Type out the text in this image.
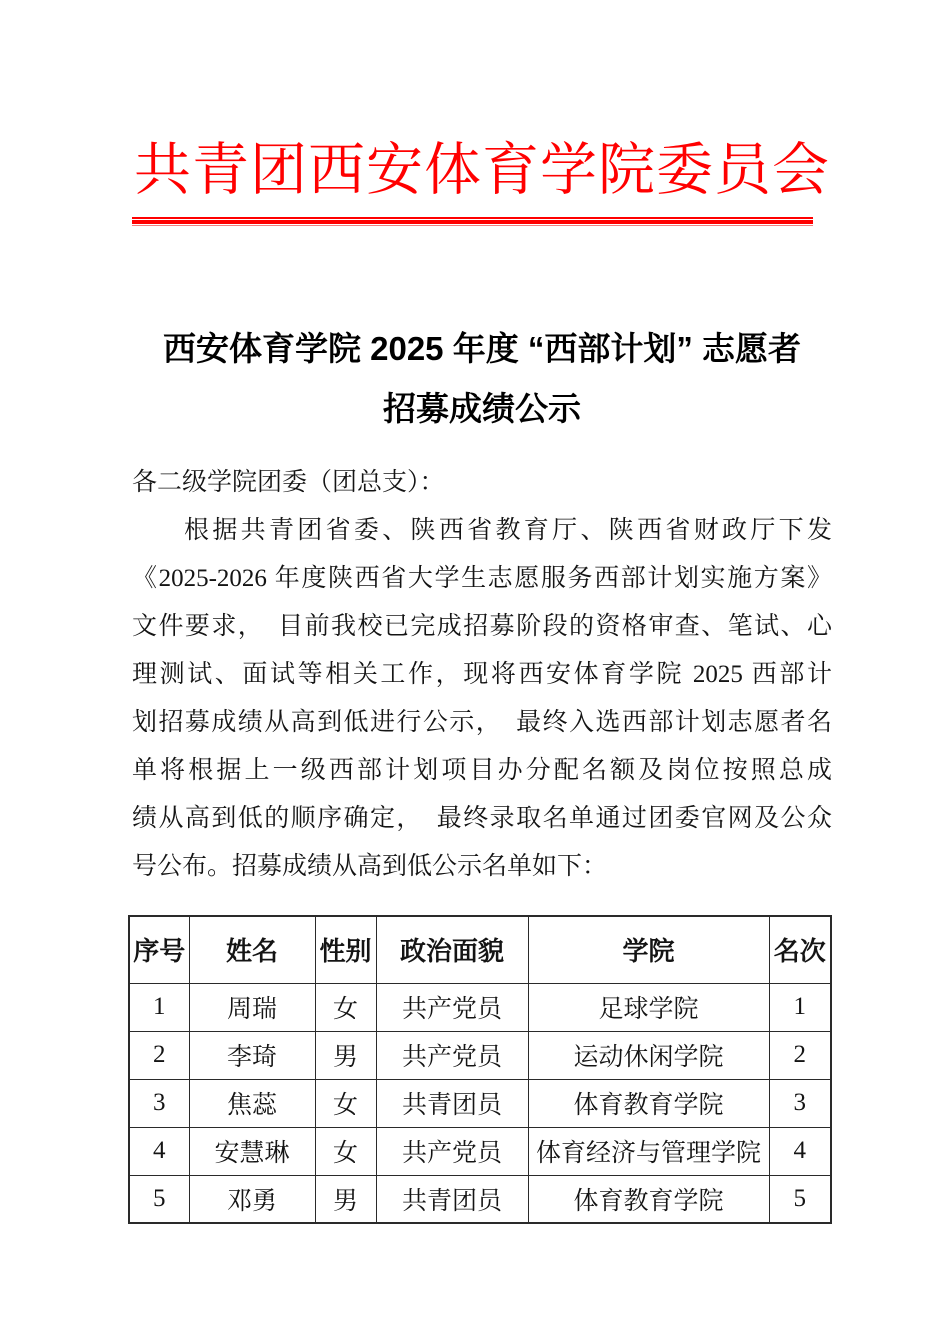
共青团西安体育学院委员会
西安体育学院 2025 年度 “西部计划” 志愿者
招募成绩公示
各二级学院团委（团总支）：
根据共青团省委、陕西省教育厅、陕西省财政厅下发
《2025-2026 年度陕西省大学生志愿服务西部计划实施方案》
文件要求，　目前我校已完成招募阶段的资格审查、笔试、心
理测试、面试等相关工作，现将西安体育学院 2025 西部计
划招募成绩从高到低进行公示，　最终入选西部计划志愿者名
单将根据上一级西部计划项目办分配名额及岗位按照总成
绩从高到低的顺序确定，　最终录取名单通过团委官网及公众
号公布。招募成绩从高到低公示名单如下：
序号	姓名	性别	政治面貌	学院	名次
1	周瑞	女	共产党员	足球学院	1
2	李琦	男	共产党员	运动休闲学院	2
3	焦蕊	女	共青团员	体育教育学院	3
4	安慧琳	女	共产党员	体育经济与管理学院	4
5	邓勇	男	共青团员	体育教育学院	5
